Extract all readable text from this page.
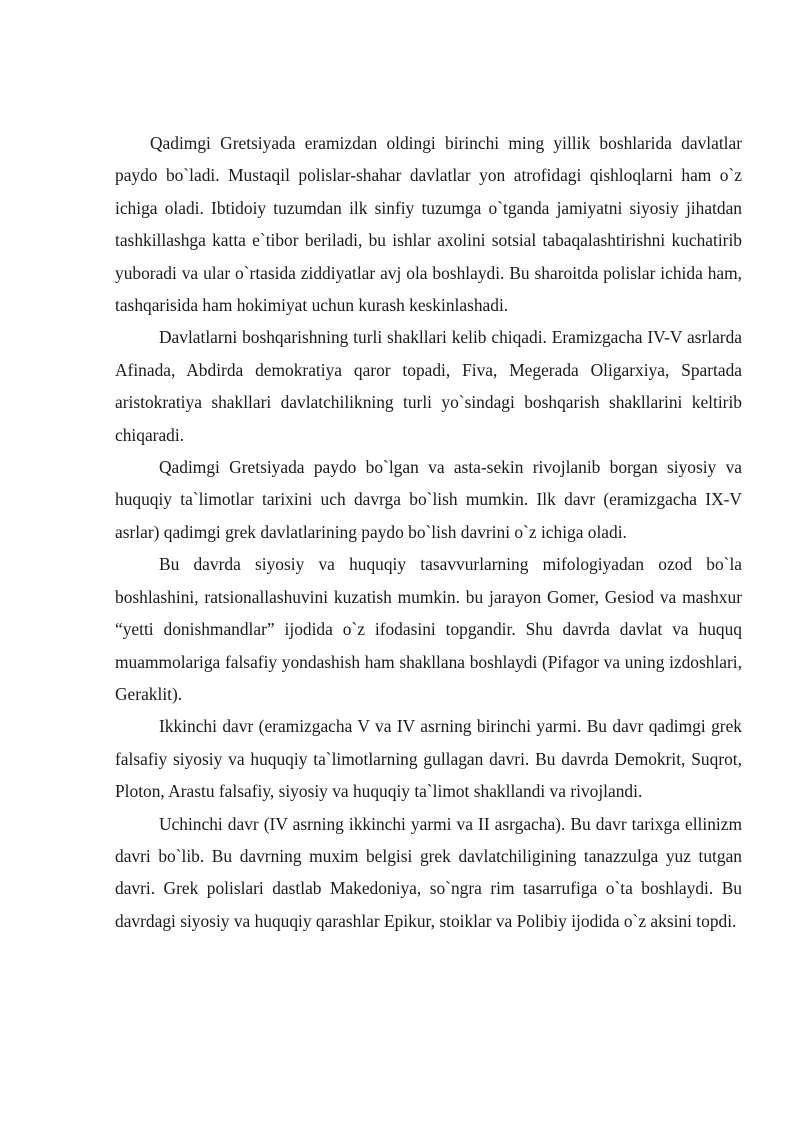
Qadimgi Gretsiyada eramizdan oldingi birinchi ming yillik boshlarida davlatlar paydo bo`ladi. Mustaqil polislar-shahar davlatlar yon atrofidagi qishloqlarni ham o`z ichiga oladi. Ibtidoiy tuzumdan ilk sinfiy tuzumga o`tganda jamiyatni siyosiy jihatdan tashkillashga katta e`tibor beriladi, bu ishlar axolini sotsial tabaqalashtirishni kuchatirib yuboradi va ular o`rtasida ziddiyatlar avj ola boshlaydi. Bu sharoitda polislar ichida ham, tashqarisida ham hokimiyat uchun kurash keskinlashadi.

Davlatlarni boshqarishning turli shakllari kelib chiqadi. Eramizgacha IV-V asrlarda Afinada, Abdirda demokratiya qaror topadi, Fiva, Megerada Oligarxiya, Spartada aristokratiya shakllari davlatchilikning turli yo`sindagi boshqarish shakllarini keltirib chiqaradi.

Qadimgi Gretsiyada paydo bo`lgan va asta-sekin rivojlanib borgan siyosiy va huquqiy ta`limotlar tarixini uch davrga bo`lish mumkin. Ilk davr (eramizgacha IX-V asrlar) qadimgi grek davlatlarining paydo bo`lish davrini o`z ichiga oladi.

Bu davrda siyosiy va huquqiy tasavvurlarning mifologiyadan ozod bo`la boshlashini, ratsionallashuvini kuzatish mumkin. bu jarayon Gomer, Gesiod va mashxur “yetti donishmandlar” ijodida o`z ifodasini topgandir. Shu davrda davlat va huquq muammolariga falsafiy yondashish ham shakllana boshlaydi (Pifagor va uning izdoshlari, Geraklit).

Ikkinchi davr (eramizgacha V va IV asrning birinchi yarmi. Bu davr qadimgi grek falsafiy siyosiy va huquqiy ta`limotlarning gullagan davri. Bu davrda Demokrit, Suqrot, Ploton, Arastu falsafiy, siyosiy va huquqiy ta`limot shakllandi va rivojlandi.

Uchinchi davr (IV asrning ikkinchi yarmi va II asrgacha). Bu davr tarixga ellinizm davri bo`lib. Bu davrning muxim belgisi grek davlatchiligining tanazzulga yuz tutgan davri. Grek polislari dastlab Makedoniya, so`ngra rim tasarrufiga o`ta boshlaydi. Bu davrdagi siyosiy va huquqiy qarashlar Epikur, stoiklar va Polibiy ijodida o`z aksini topdi.
